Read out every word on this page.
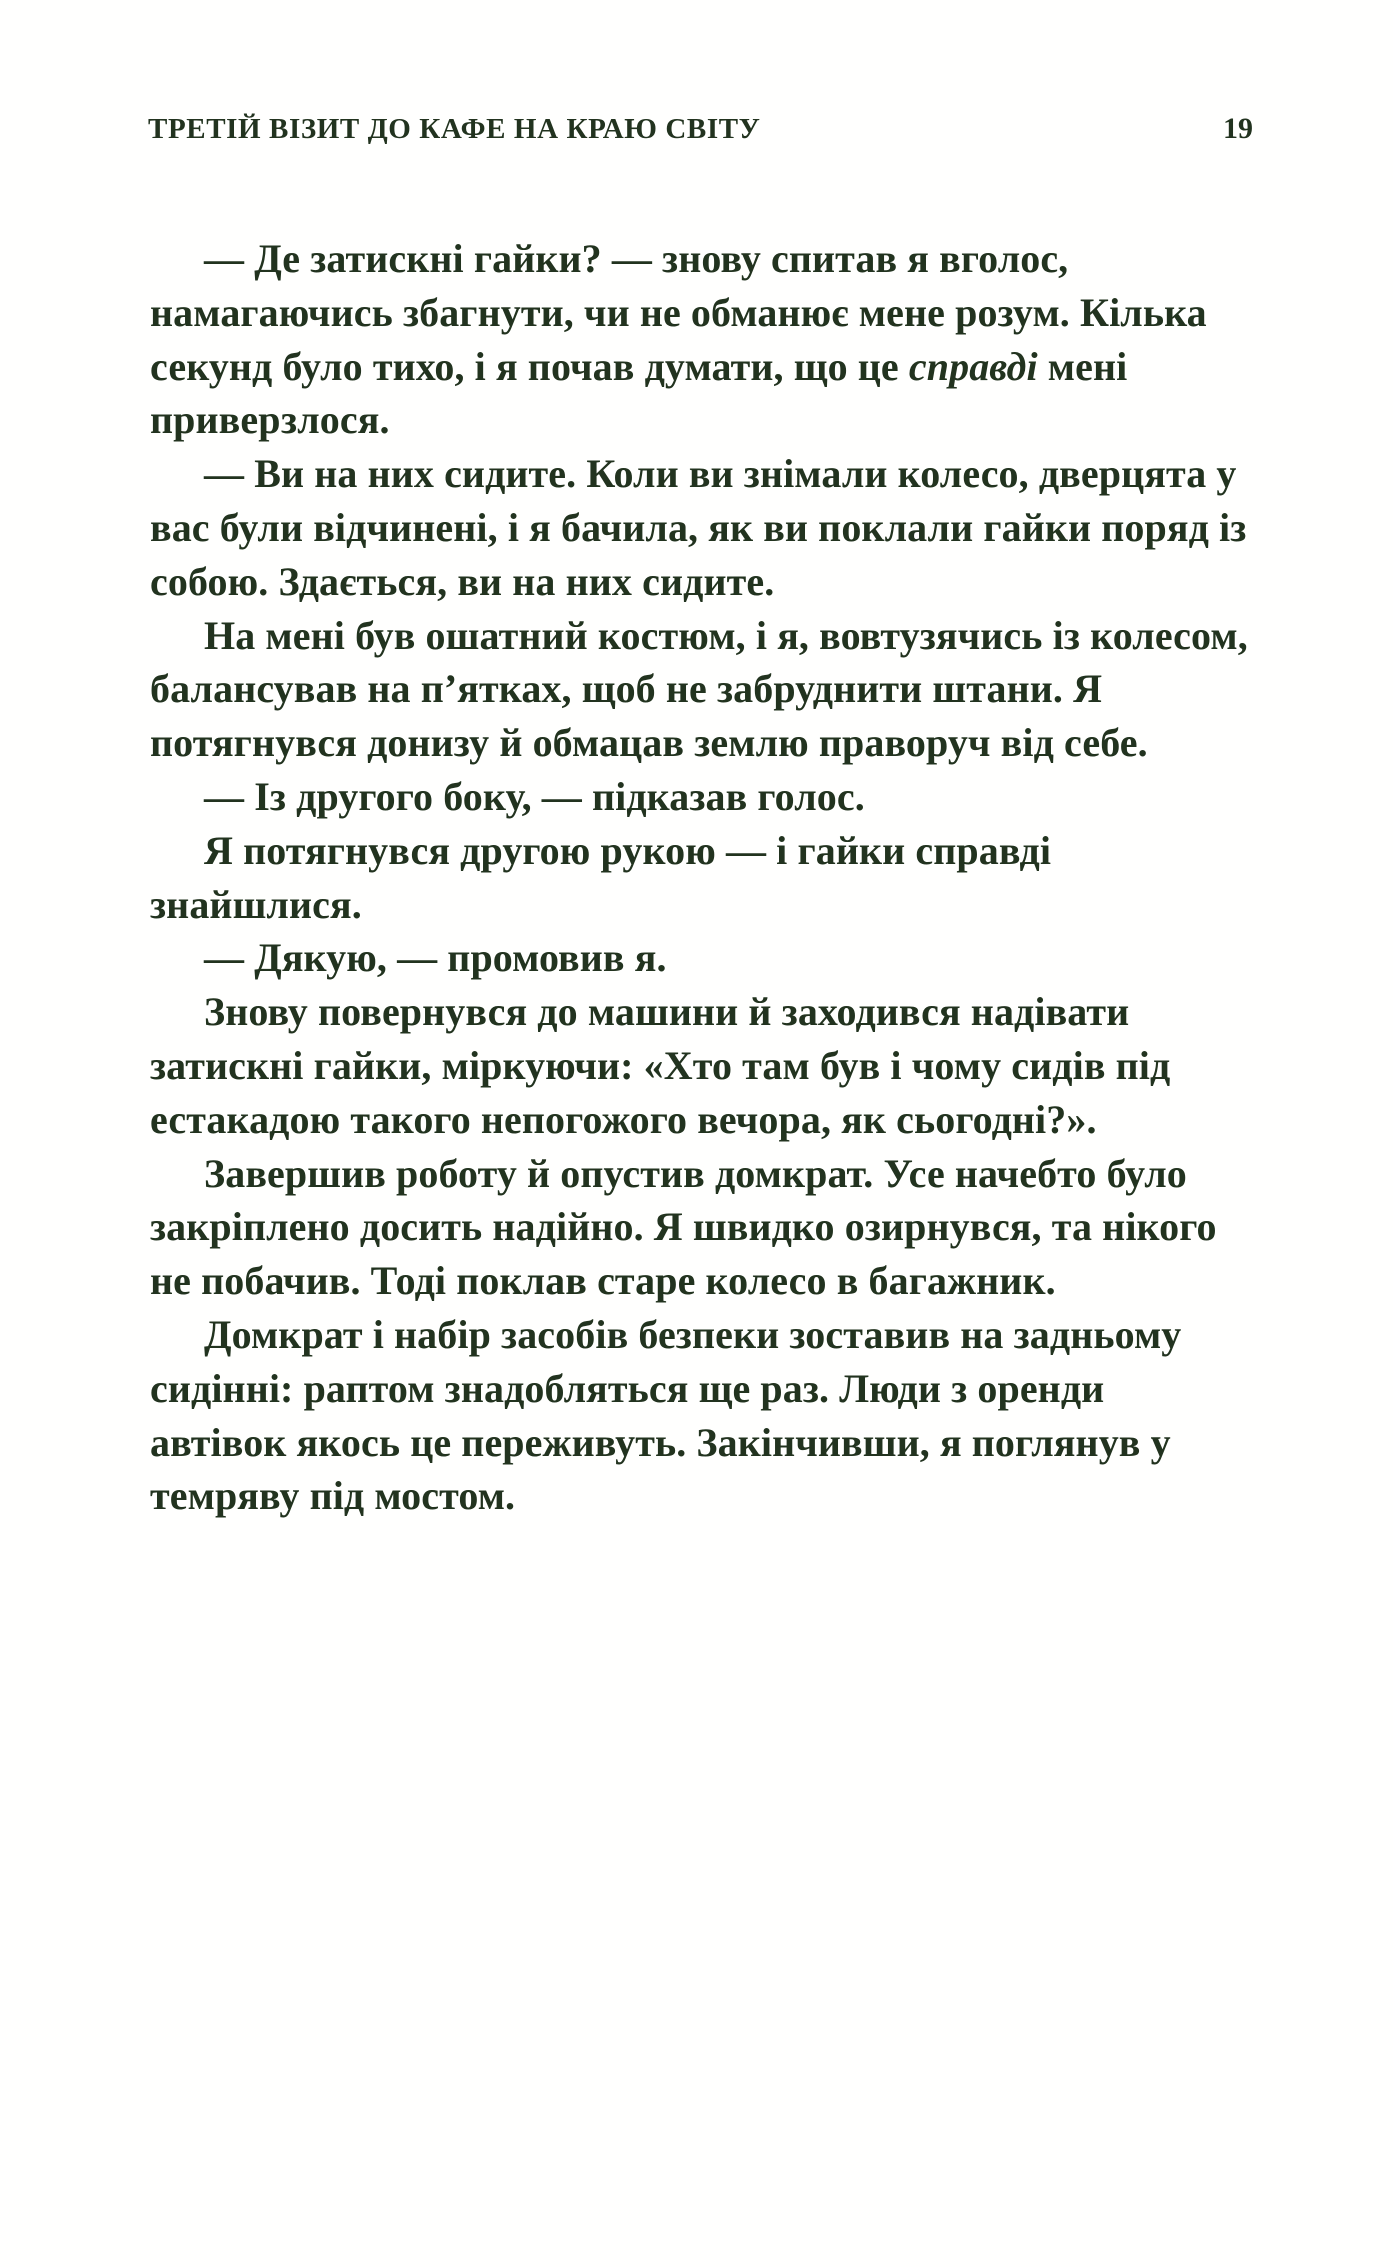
ТРЕТІЙ ВІЗИТ ДО КАФЕ НА КРАЮ СВІТУ	19

— Де затискні гайки? — знову спитав я вголос, намагаючись збагнути, чи не обманює мене розум. Кілька секунд було тихо, і я почав думати, що це справді мені приверзлося.

— Ви на них сидите. Коли ви знімали колесо, дверцята у вас були відчинені, і я бачила, як ви поклали гайки поряд із собою. Здається, ви на них сидите.

На мені був ошатний костюм, і я, вовтузячись із колесом, балансував на п’ятках, щоб не забруднити штани. Я потягнувся донизу й обмацав землю праворуч від себе.

— Із другого боку, — підказав голос.

Я потягнувся другою рукою — і гайки справді знайшлися.

— Дякую, — промовив я.

Знову повернувся до машини й заходився надівати затискні гайки, міркуючи: «Хто там був і чому сидів під естакадою такого непогожого вечора, як сьогодні?».

Завершив роботу й опустив домкрат. Усе начебто було закріплено досить надійно. Я швидко озирнувся, та нікого не побачив. Тоді поклав старе колесо в багажник.

Домкрат і набір засобів безпеки зоставив на задньому сидінні: раптом знадобляться ще раз. Люди з оренди автівок якось це переживуть. Закінчивши, я поглянув у темряву під мостом.
